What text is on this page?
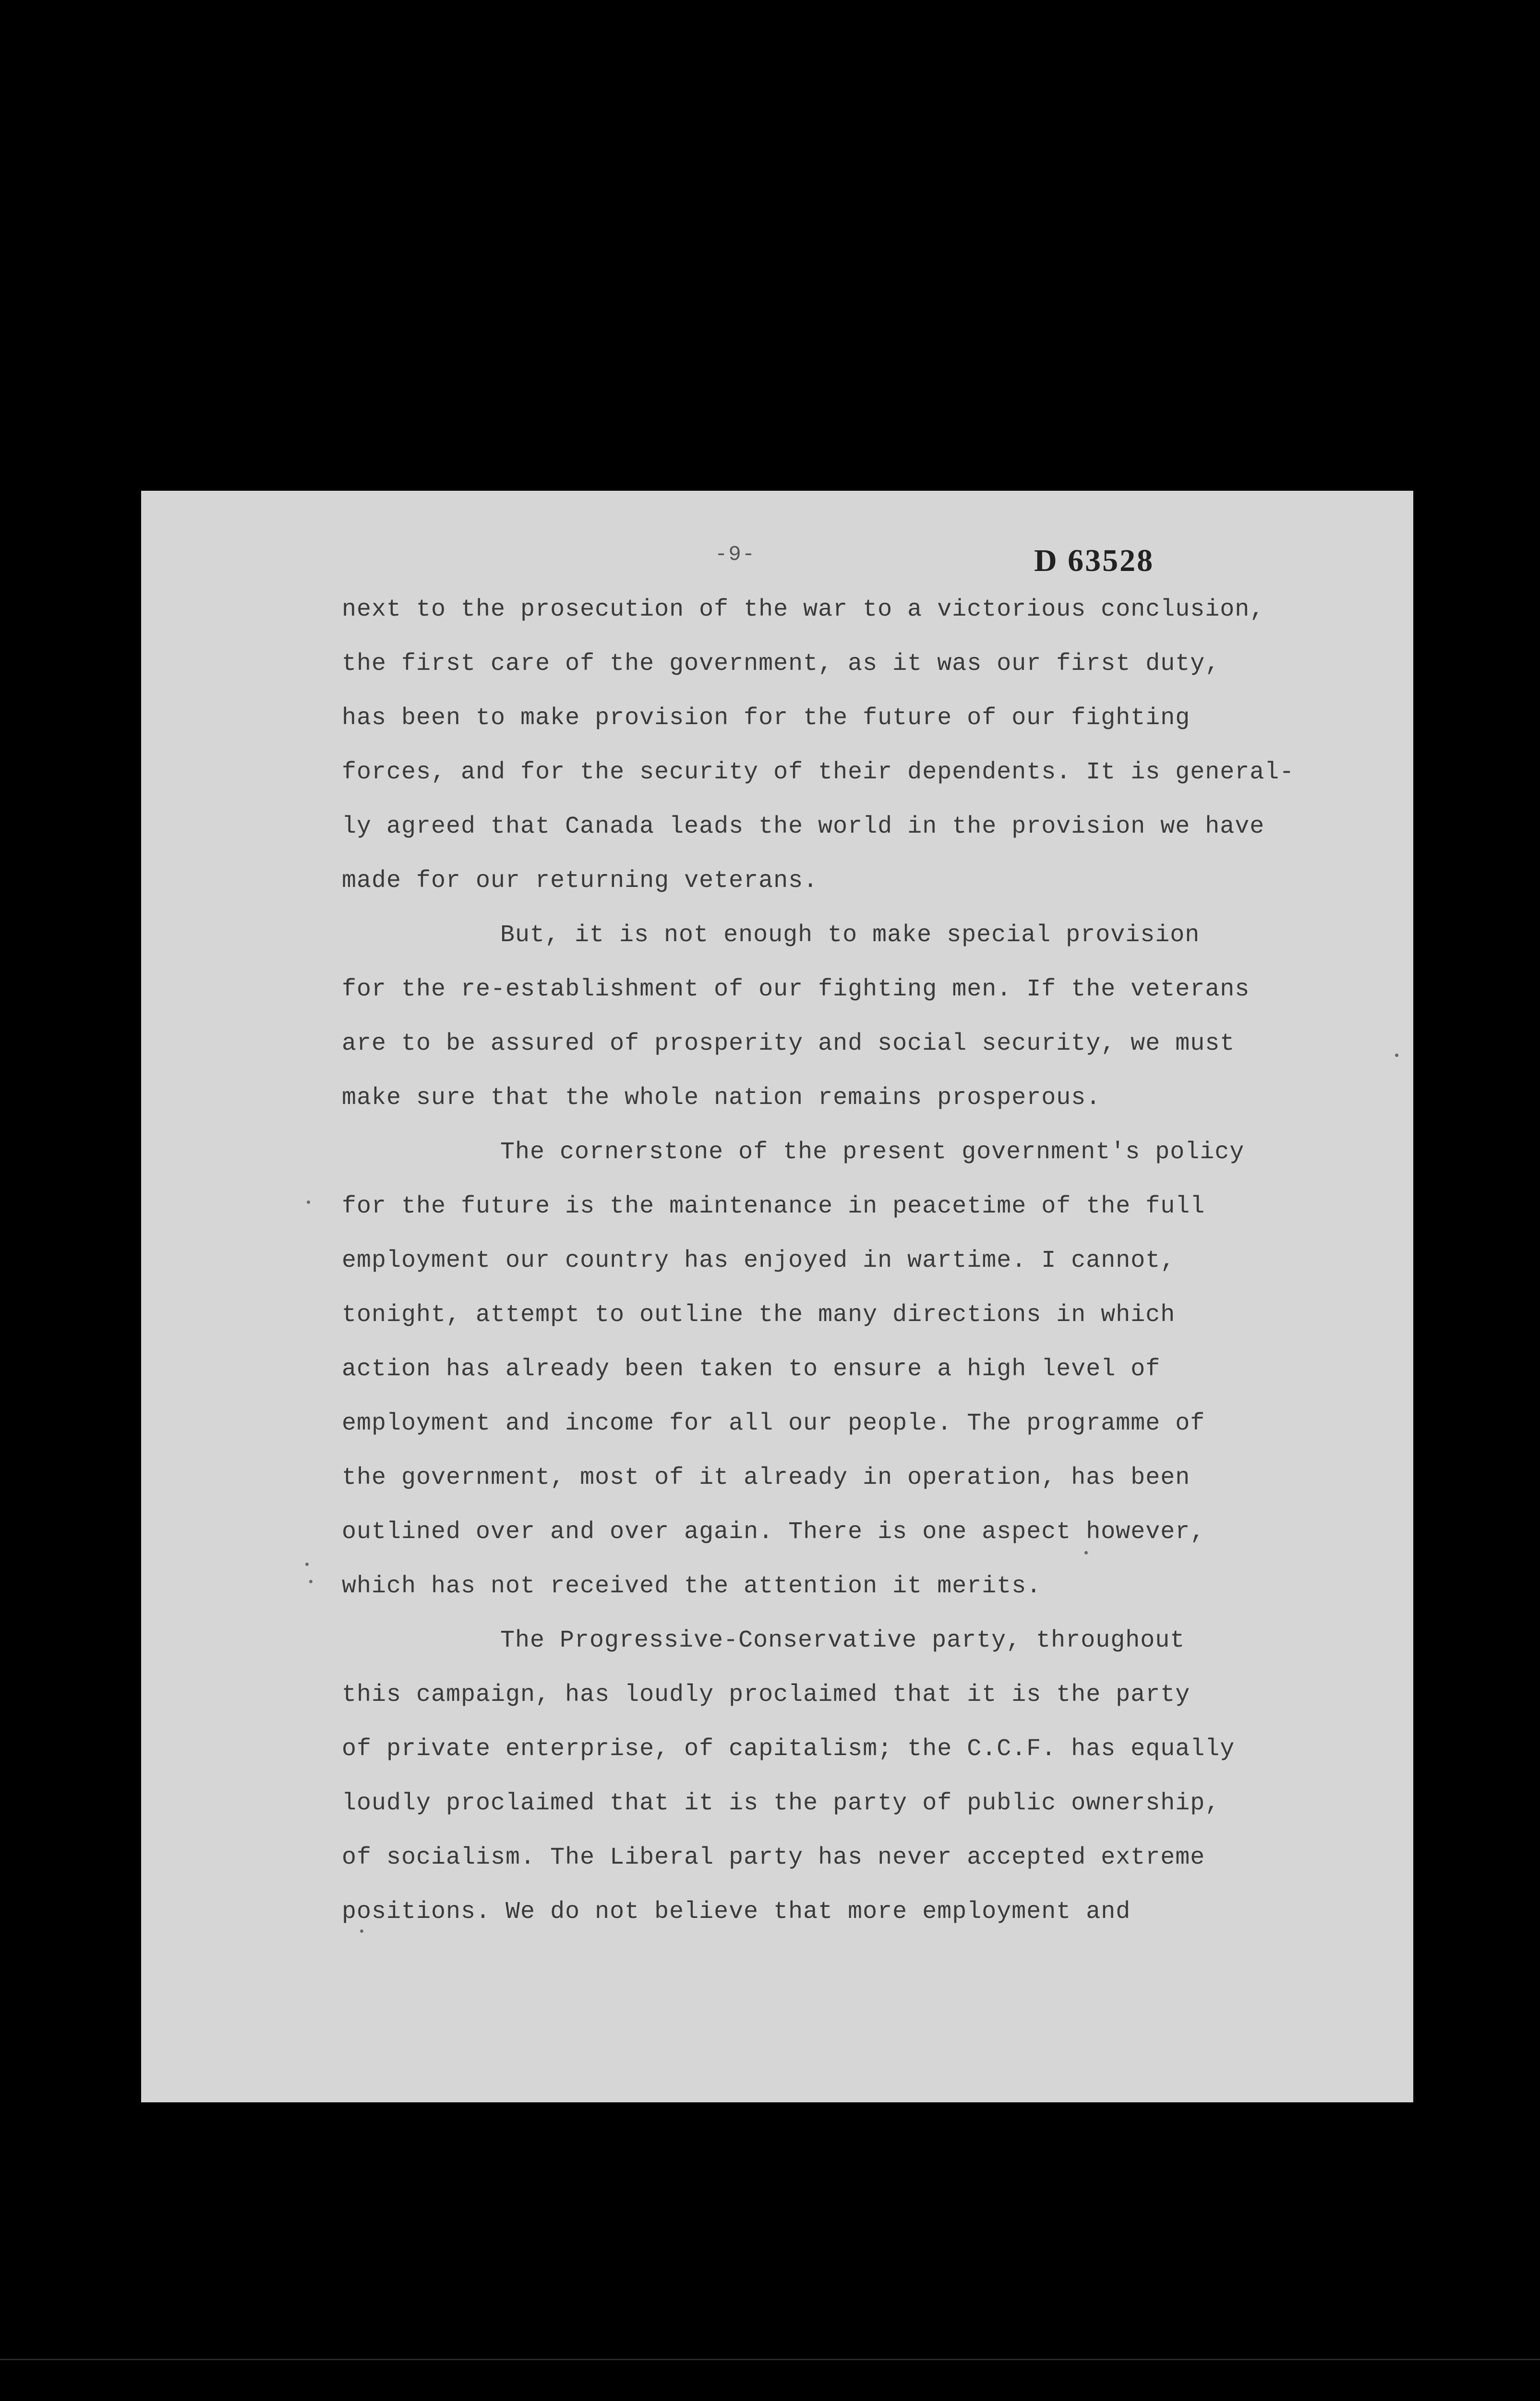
-9-	D 63528
next to the prosecution of the war to a victorious conclusion,
the first care of the government, as it was our first duty,
has been to make provision for the future of our fighting
forces, and for the security of their dependents. It is general-
ly agreed that Canada leads the world in the provision we have
made for our returning veterans.
But, it is not enough to make special provision
for the re-establishment of our fighting men. If the veterans
are to be assured of prosperity and social security, we must
make sure that the whole nation remains prosperous.
The cornerstone of the present government's policy
for the future is the maintenance in peacetime of the full
employment our country has enjoyed in wartime. I cannot,
tonight, attempt to outline the many directions in which
action has already been taken to ensure a high level of
employment and income for all our people. The programme of
the government, most of it already in operation, has been
outlined over and over again. There is one aspect however,
which has not received the attention it merits.
The Progressive-Conservative party, throughout
this campaign, has loudly proclaimed that it is the party
of private enterprise, of capitalism; the C.C.F. has equally
loudly proclaimed that it is the party of public ownership,
of socialism. The Liberal party has never accepted extreme
positions. We do not believe that more employment and
